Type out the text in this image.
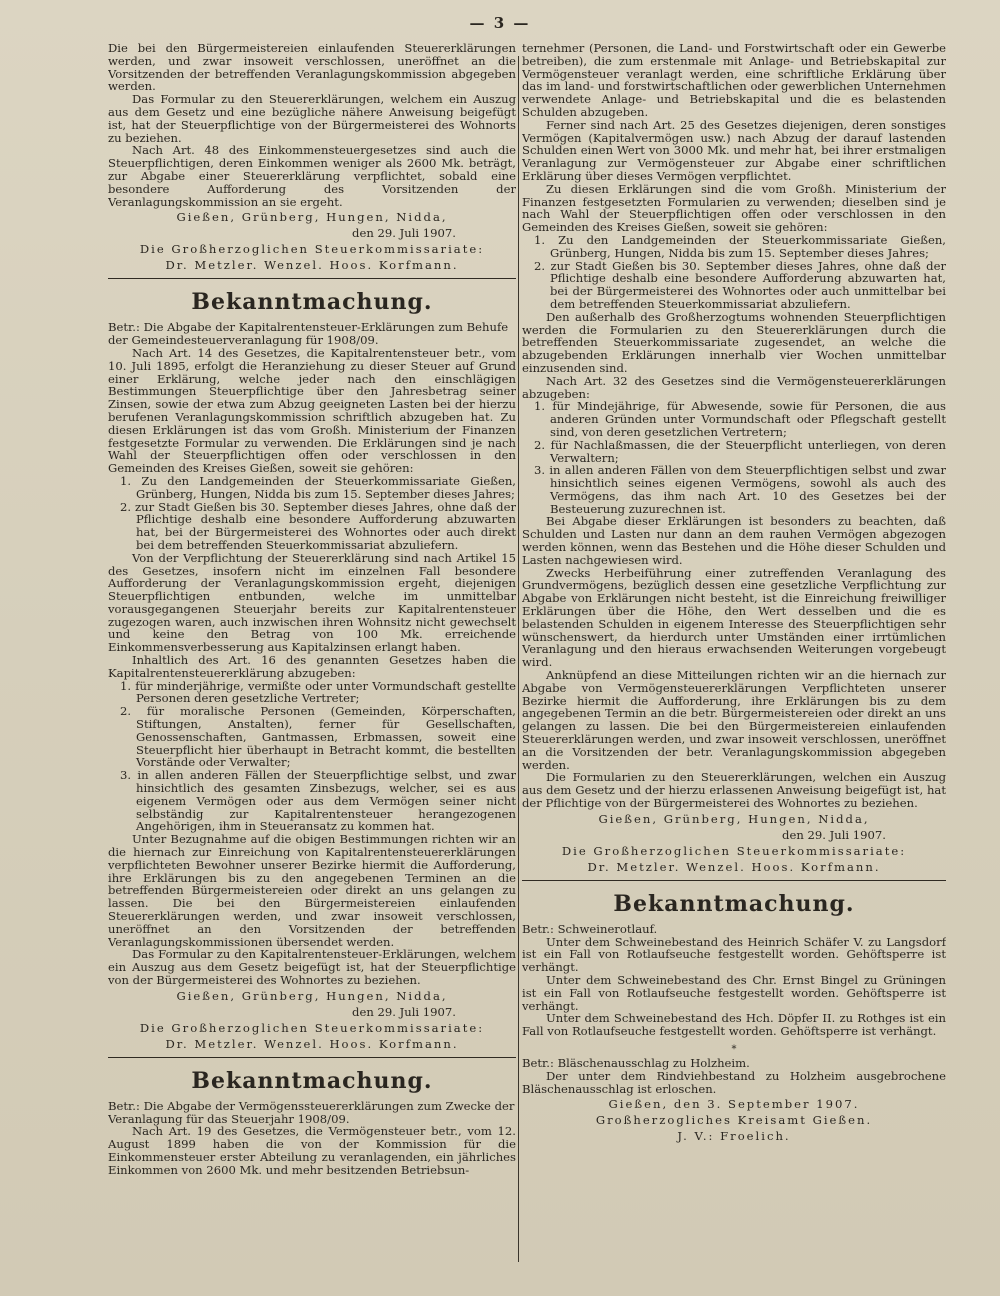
— 3 —

Die bei den Bürgermeistereien einlaufenden Steuererklärungen werden, und zwar insoweit verschlossen, uneröffnet an die Vorsitzenden der betreffenden Veranlagungskommission abgegeben werden.

Das Formular zu den Steuererklärungen, welchem ein Auszug aus dem Gesetz und eine bezügliche nähere Anweisung beigefügt ist, hat der Steuerpflichtige von der Bürgermeisterei des Wohnorts zu beziehen.

Nach Art. 48 des Einkommensteuergesetzes sind auch die Steuerpflichtigen, deren Einkommen weniger als 2600 Mk. beträgt, zur Abgabe einer Steuererklärung verpflichtet, sobald eine besondere Aufforderung des Vorsitzenden der Veranlagungskommission an sie ergeht.

Gießen, Grünberg, Hungen, Nidda,
den 29. Juli 1907.
Die Großherzoglichen Steuerkommissariate:
Dr. Metzler. Wenzel. Hoos. Korfmann.
Bekanntmachung.

Betr.: Die Abgabe der Kapitalrentensteuer-Erklärungen zum Behufe der Gemeindesteuerveranlagung für 1908/09.

Nach Art. 14 des Gesetzes, die Kapitalrentensteuer betr., vom 10. Juli 1895, erfolgt die Heranziehung zu dieser Steuer auf Grund einer Erklärung, welche jeder nach den einschlägigen Bestimmungen Steuerpflichtige über den Jahresbetrag seiner Zinsen, sowie der etwa zum Abzug geeigneten Lasten bei der hierzu berufenen Veranlagungskommission schriftlich abzugeben hat. Zu diesen Erklärungen ist das vom Großh. Ministerium der Finanzen festgesetzte Formular zu verwenden. Die Erklärungen sind je nach Wahl der Steuerpflichtigen offen oder verschlossen in den Gemeinden des Kreises Gießen, soweit sie gehören:

1. Zu den Landgemeinden der Steuerkommissariate Gießen, Grünberg, Hungen, Nidda bis zum 15. September dieses Jahres;

2. zur Stadt Gießen bis 30. September dieses Jahres, ohne daß der Pflichtige deshalb eine besondere Aufforderung abzuwarten hat, bei der Bürgermeisterei des Wohnortes oder auch direkt bei dem betreffenden Steuerkommissariat abzuliefern.

Von der Verpflichtung der Steuererklärung sind nach Artikel 15 des Gesetzes, insofern nicht im einzelnen Fall besondere Aufforderung der Veranlagungskommission ergeht, diejenigen Steuerpflichtigen entbunden, welche im unmittelbar vorausgegangenen Steuerjahr bereits zur Kapitalrentensteuer zugezogen waren, auch inzwischen ihren Wohnsitz nicht gewechselt und keine den Betrag von 100 Mk. erreichende Einkommensverbesserung aus Kapitalzinsen erlangt haben.

Inhaltlich des Art. 16 des genannten Gesetzes haben die Kapitalrentensteuererklärung abzugeben:

1. für minderjährige, vermißte oder unter Vormundschaft gestellte Personen deren gesetzliche Vertreter;

2. für moralische Personen (Gemeinden, Körperschaften, Stiftungen, Anstalten), ferner für Gesellschaften, Genossenschaften, Gantmassen, Erbmassen, soweit eine Steuerpflicht hier überhaupt in Betracht kommt, die bestellten Vorstände oder Verwalter;

3. in allen anderen Fällen der Steuerpflichtige selbst, und zwar hinsichtlich des gesamten Zinsbezugs, welcher, sei es aus eigenem Vermögen oder aus dem Vermögen seiner nicht selbständig zur Kapitalrentensteuer herangezogenen Angehörigen, ihm in Steueransatz zu kommen hat.

Unter Bezugnahme auf die obigen Bestimmungen richten wir an die hiernach zur Einreichung von Kapitalrentensteuererklärungen verpflichteten Bewohner unserer Bezirke hiermit die Aufforderung, ihre Erklärungen bis zu den angegebenen Terminen an die betreffenden Bürgermeistereien oder direkt an uns gelangen zu lassen. Die bei den Bürgermeistereien einlaufenden Steuererklärungen werden, und zwar insoweit verschlossen, uneröffnet an den Vorsitzenden der betreffenden Veranlagungskommissionen übersendet werden.

Das Formular zu den Kapitalrentensteuer-Erklärungen, welchem ein Auszug aus dem Gesetz beigefügt ist, hat der Steuerpflichtige von der Bürgermeisterei des Wohnortes zu beziehen.

Gießen, Grünberg, Hungen, Nidda,
den 29. Juli 1907.
Die Großherzoglichen Steuerkommissariate:
Dr. Metzler. Wenzel. Hoos. Korfmann.
Bekanntmachung.

Betr.: Die Abgabe der Vermögenssteuererklärungen zum Zwecke der Veranlagung für das Steuerjahr 1908/09.

Nach Art. 19 des Gesetzes, die Vermögensteuer betr., vom 12. August 1899 haben die von der Kommission für die Einkommensteuer erster Abteilung zu veranlagenden, ein jährliches Einkommen von 2600 Mk. und mehr besitzenden Betriebsun-

ternehmer (Personen, die Land- und Forstwirtschaft oder ein Gewerbe betreiben), die zum erstenmale mit Anlage- und Betriebskapital zur Vermögensteuer veranlagt werden, eine schriftliche Erklärung über das im land- und forstwirtschaftlichen oder gewerblichen Unternehmen verwendete Anlage- und Betriebskapital und die es belastenden Schulden abzugeben.

Ferner sind nach Art. 25 des Gesetzes diejenigen, deren sonstiges Vermögen (Kapitalvermögen usw.) nach Abzug der darauf lastenden Schulden einen Wert von 3000 Mk. und mehr hat, bei ihrer erstmaligen Veranlagung zur Vermögensteuer zur Abgabe einer schriftlichen Erklärung über dieses Vermögen verpflichtet.

Zu diesen Erklärungen sind die vom Großh. Ministerium der Finanzen festgesetzten Formularien zu verwenden; dieselben sind je nach Wahl der Steuerpflichtigen offen oder verschlossen in den Gemeinden des Kreises Gießen, soweit sie gehören:

1. Zu den Landgemeinden der Steuerkommissariate Gießen, Grünberg, Hungen, Nidda bis zum 15. September dieses Jahres;

2. zur Stadt Gießen bis 30. September dieses Jahres, ohne daß der Pflichtige deshalb eine besondere Aufforderung abzuwarten hat, bei der Bürgermeisterei des Wohnortes oder auch unmittelbar bei dem betreffenden Steuerkommissariat abzuliefern.

Den außerhalb des Großherzogtums wohnenden Steuerpflichtigen werden die Formularien zu den Steuererklärungen durch die betreffenden Steuerkommissariate zugesendet, an welche die abzugebenden Erklärungen innerhalb vier Wochen unmittelbar einzusenden sind.

Nach Art. 32 des Gesetzes sind die Vermögensteuererklärungen abzugeben:

1. für Mindejährige, für Abwesende, sowie für Personen, die aus anderen Gründen unter Vormundschaft oder Pflegschaft gestellt sind, von deren gesetzlichen Vertretern;

2. für Nachlaßmassen, die der Steuerpflicht unterliegen, von deren Verwaltern;

3. in allen anderen Fällen von dem Steuerpflichtigen selbst und zwar hinsichtlich seines eigenen Vermögens, sowohl als auch des Vermögens, das ihm nach Art. 10 des Gesetzes bei der Besteuerung zuzurechnen ist.

Bei Abgabe dieser Erklärungen ist besonders zu beachten, daß Schulden und Lasten nur dann an dem rauhen Vermögen abgezogen werden können, wenn das Bestehen und die Höhe dieser Schulden und Lasten nachgewiesen wird.

Zwecks Herbeiführung einer zutreffenden Veranlagung des Grundvermögens, bezüglich dessen eine gesetzliche Verpflichtung zur Abgabe von Erklärungen nicht besteht, ist die Einreichung freiwilliger Erklärungen über die Höhe, den Wert desselben und die es belastenden Schulden in eigenem Interesse des Steuerpflichtigen sehr wünschenswert, da hierdurch unter Umständen einer irrtümlichen Veranlagung und den hieraus erwachsenden Weiterungen vorgebeugt wird.

Anknüpfend an diese Mitteilungen richten wir an die hiernach zur Abgabe von Vermögensteuererklärungen Verpflichteten unserer Bezirke hiermit die Aufforderung, ihre Erklärungen bis zu dem angegebenen Termin an die betr. Bürgermeistereien oder direkt an uns gelangen zu lassen. Die bei den Bürgermeistereien einlaufenden Steuererklärungen werden, und zwar insoweit verschlossen, uneröffnet an die Vorsitzenden der betr. Veranlagungskommission abgegeben werden.

Die Formularien zu den Steuererklärungen, welchen ein Auszug aus dem Gesetz und der hierzu erlassenen Anweisung beigefügt ist, hat der Pflichtige von der Bürgermeisterei des Wohnortes zu beziehen.

Gießen, Grünberg, Hungen, Nidda,
den 29. Juli 1907.
Die Großherzoglichen Steuerkommissariate:
Dr. Metzler. Wenzel. Hoos. Korfmann.
Bekanntmachung.

Betr.: Schweinerotlauf.

Unter dem Schweinebestand des Heinrich Schäfer V. zu Langsdorf ist ein Fall von Rotlaufseuche festgestellt worden. Gehöftsperre ist verhängt.

Unter dem Schweinebestand des Chr. Ernst Bingel zu Grüningen ist ein Fall von Rotlaufseuche festgestellt worden. Gehöftsperre ist verhängt.

Unter dem Schweinebestand des Hch. Döpfer II. zu Rothges ist ein Fall von Rotlaufseuche festgestellt worden. Gehöftsperre ist verhängt.

*

Betr.: Bläschenausschlag zu Holzheim.

Der unter dem Rindviehbestand zu Holzheim ausgebrochene Bläschenausschlag ist erloschen.

Gießen, den 3. September 1907.
Großherzogliches Kreisamt Gießen.
J. V.: Froelich.
